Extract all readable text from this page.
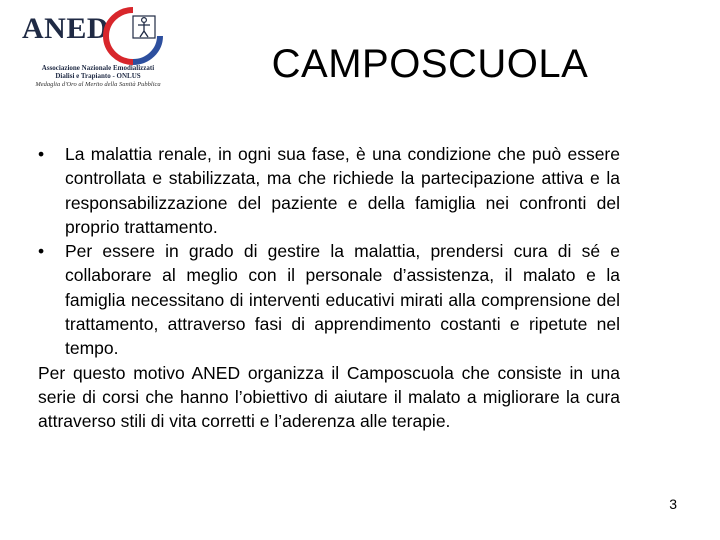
ANED
Associazione Nazionale Emodializzati
Dialisi e Trapianto - ONLUS
Medaglia d'Oro al Merito della Sanità Pubblica	CAMPOSCUOLA
•	La malattia renale, in ogni sua fase, è una condizione che può essere controllata e stabilizzata, ma che richiede la partecipazione attiva e la responsabilizzazione del paziente e della famiglia nei confronti del proprio trattamento.
•	Per essere in grado di gestire la malattia, prendersi cura di sé e collaborare al meglio con il personale d’assistenza, il malato e la famiglia necessitano di interventi educativi mirati alla comprensione del trattamento, attraverso fasi di apprendimento costanti e ripetute nel tempo.
Per questo motivo ANED organizza il Camposcuola che consiste in una serie di corsi che hanno l’obiettivo di aiutare il malato a migliorare la cura attraverso stili di vita corretti e l’aderenza alle terapie.
3
